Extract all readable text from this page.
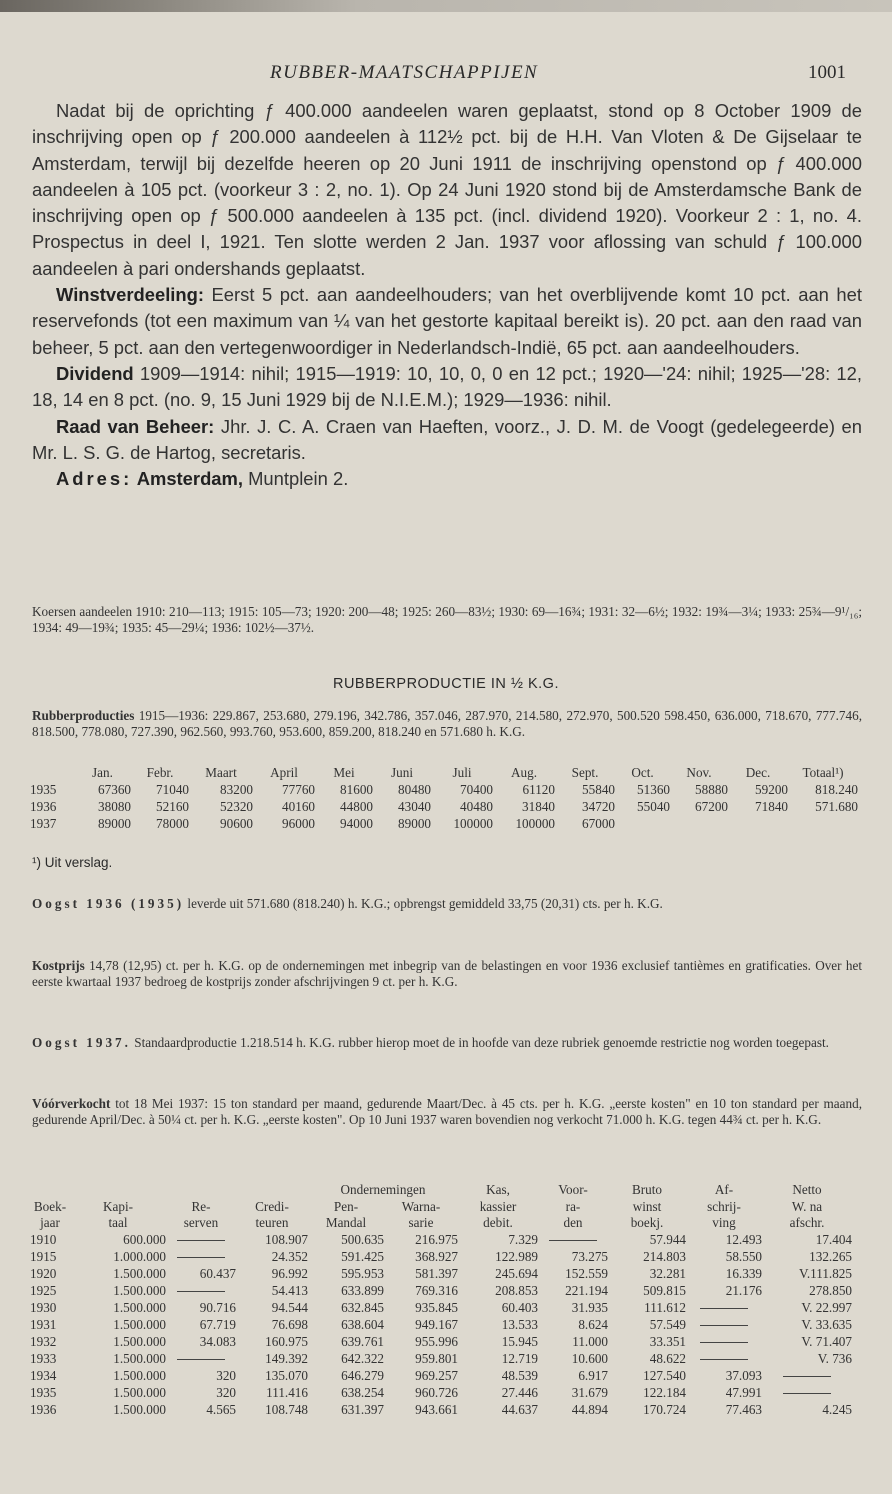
RUBBER-MAATSCHAPPIJEN	1001

Nadat bij de oprichting ƒ 400.000 aandeelen waren geplaatst, stond op 8 October 1909 de inschrijving open op ƒ 200.000 aandeelen à 112½ pct. bij de H.H. Van Vloten & De Gijselaar te Amsterdam, terwijl bij dezelfde heeren op 20 Juni 1911 de inschrijving openstond op ƒ 400.000 aandeelen à 105 pct. (voorkeur 3 : 2, no. 1). Op 24 Juni 1920 stond bij de Amsterdamsche Bank de inschrijving open op ƒ 500.000 aandeelen à 135 pct. (incl. dividend 1920). Voorkeur 2 : 1, no. 4. Prospectus in deel I, 1921. Ten slotte werden 2 Jan. 1937 voor aflossing van schuld ƒ 100.000 aandeelen à pari ondershands geplaatst.

Winstverdeeling: Eerst 5 pct. aan aandeelhouders; van het overblijvende komt 10 pct. aan het reservefonds (tot een maximum van ¼ van het gestorte kapitaal bereikt is). 20 pct. aan den raad van beheer, 5 pct. aan den vertegenwoordiger in Nederlandsch-Indië, 65 pct. aan aandeelhouders.

Dividend 1909—1914: nihil; 1915—1919: 10, 10, 0, 0 en 12 pct.; 1920—'24: nihil; 1925—'28: 12, 18, 14 en 8 pct. (no. 9, 15 Juni 1929 bij de N.I.E.M.); 1929—1936: nihil.

Raad van Beheer: Jhr. J. C. A. Craen van Haeften, voorz., J. D. M. de Voogt (gedelegeerde) en Mr. L. S. G. de Hartog, secretaris.

Adres: Amsterdam, Muntplein 2.

Koersen aandeelen 1910: 210—113; 1915: 105—73; 1920: 200—48; 1925: 260—83½; 1930: 69—16¾; 1931: 32—6½; 1932: 19¾—3¼; 1933: 25¾—9¹/₁₆; 1934: 49—19¾; 1935: 45—29¼; 1936: 102½—37½.
RUBBERPRODUCTIE IN ½ K.G.
Rubberproducties 1915—1936: 229.867, 253.680, 279.196, 342.786, 357.046, 287.970, 214.580, 272.970, 500.520 598.450, 636.000, 718.670, 777.746, 818.500, 778.080, 727.390, 962.560, 993.760, 953.600, 859.200, 818.240 en 571.680 h. K.G.
	Jan.	Febr.	Maart	April	Mei	Juni	Juli	Aug.	Sept.	Oct.	Nov.	Dec.	Totaal¹)
1935	67360	71040	83200	77760	81600	80480	70400	61120	55840	51360	58880	59200	818.240
1936	38080	52160	52320	40160	44800	43040	40480	31840	34720	55040	67200	71840	571.680
1937	89000	78000	90600	96000	94000	89000	100000	100000	67000				
¹) Uit verslag.
Oogst 1936 (1935) leverde uit 571.680 (818.240) h. K.G.; opbrengst gemiddeld 33,75 (20,31) cts. per h. K.G.
Kostprijs 14,78 (12,95) ct. per h. K.G. op de ondernemingen met inbegrip van de belastingen en voor 1936 exclusief tantièmes en gratificaties. Over het eerste kwartaal 1937 bedroeg de kostprijs zonder afschrijvingen 9 ct. per h. K.G.
Oogst 1937. Standaardproductie 1.218.514 h. K.G. rubber hierop moet de in hoofde van deze rubriek genoemde restrictie nog worden toegepast.
Vóórverkocht tot 18 Mei 1937: 15 ton standard per maand, gedurende Maart/Dec. à 45 cts. per h. K.G. „eerste kosten" en 10 ton standard per maand, gedurende April/Dec. à 50¼ ct. per h. K.G. „eerste kosten". Op 10 Juni 1937 waren bovendien nog verkocht 71.000 h. K.G. tegen 44¾ ct. per h. K.G.
				Ondernemingen		Kas,	Voor-	Bruto	Af-	Netto
Boek-	Kapi-	Re-	Credi-	Pen-	Warna-	kassier	ra-	winst	schrij-	W. na
jaar	taal	serven	teuren	Mandal	sarie	debit.	den	boekj.	ving	afschr.
1910	600.000		108.907	500.635	216.975	7.329		57.944	12.493	17.404
1915	1.000.000		24.352	591.425	368.927	122.989	73.275	214.803	58.550	132.265
1920	1.500.000	60.437	96.992	595.953	581.397	245.694	152.559	32.281	16.339	V.111.825
1925	1.500.000		54.413	633.899	769.316	208.853	221.194	509.815	21.176	278.850
1930	1.500.000	90.716	94.544	632.845	935.845	60.403	31.935	111.612		V. 22.997
1931	1.500.000	67.719	76.698	638.604	949.167	13.533	8.624	57.549		V. 33.635
1932	1.500.000	34.083	160.975	639.761	955.996	15.945	11.000	33.351		V. 71.407
1933	1.500.000		149.392	642.322	959.801	12.719	10.600	48.622		V. 736
1934	1.500.000	320	135.070	646.279	969.257	48.539	6.917	127.540	37.093	
1935	1.500.000	320	111.416	638.254	960.726	27.446	31.679	122.184	47.991	
1936	1.500.000	4.565	108.748	631.397	943.661	44.637	44.894	170.724	77.463	4.245
